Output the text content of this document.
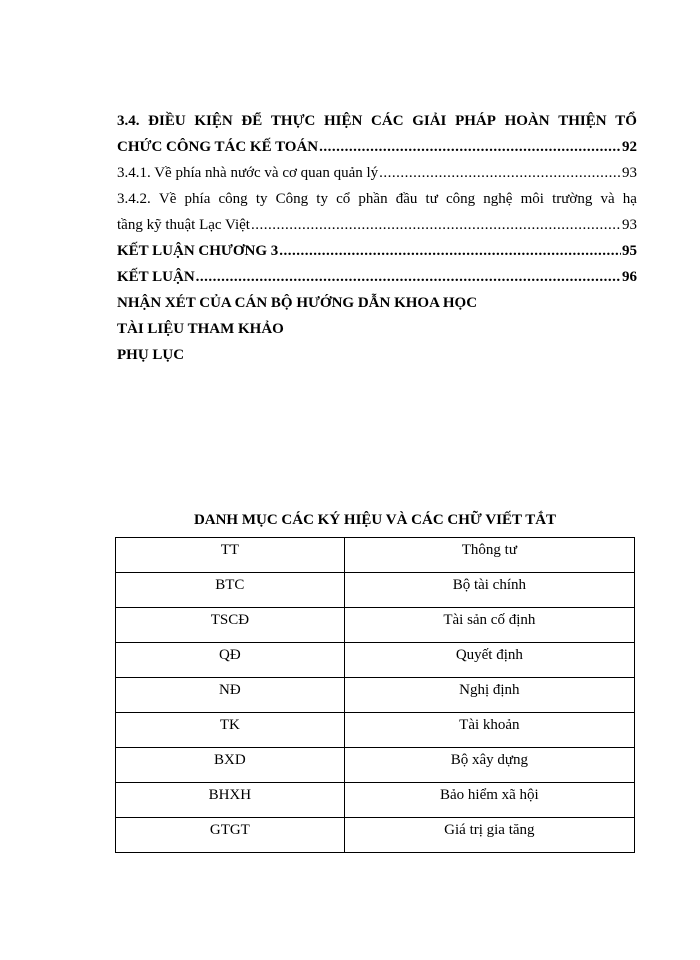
3.4. ĐIỀU KIỆN ĐỂ THỰC HIỆN CÁC GIẢI PHÁP HOÀN THIỆN TỔ
CHỨC CÔNG TÁC KẾ TOÁN .....	92
3.4.1. Về phía nhà nước và cơ quan quản lý .....	93
3.4.2. Về phía công ty Công ty cổ phần đầu tư công nghệ môi trường và hạ
tầng kỹ thuật Lạc Việt .....	93
KẾT LUẬN CHƯƠNG 3 .....	95
KẾT LUẬN .....	96
NHẬN XÉT CỦA CÁN BỘ HƯỚNG DẪN KHOA HỌC
TÀI LIỆU THAM KHẢO
PHỤ LỤC
DANH MỤC CÁC KÝ HIỆU VÀ CÁC CHỮ VIẾT TẮT
TT	Thông tư
BTC	Bộ tài chính
TSCĐ	Tài sản cố định
QĐ	Quyết định
NĐ	Nghị định
TK	Tài khoản
BXD	Bộ xây dựng
BHXH	Bảo hiểm xã hội
GTGT	Giá trị gia tăng
